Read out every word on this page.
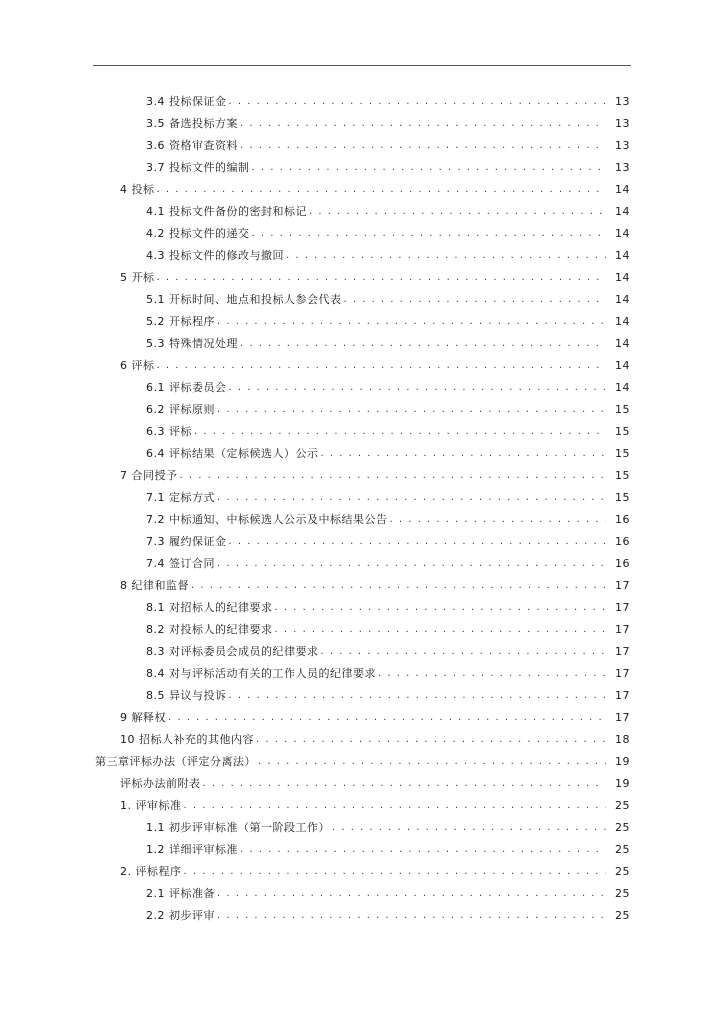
3.4 投标保证金 . . .	13
3.5 备选投标方案 . . .	13
3.6 资格审查资料 . . .	13
3.7 投标文件的编制 . . .	13
4 投标 . . .	14
4.1 投标文件备份的密封和标记 . . .	14
4.2 投标文件的递交 . . .	14
4.3 投标文件的修改与撤回 . . .	14
5 开标 . . .	14
5.1 开标时间、地点和投标人参会代表 . . .	14
5.2 开标程序 . . .	14
5.3 特殊情况处理 . . .	14
6 评标 . . .	14
6.1 评标委员会 . . .	14
6.2 评标原则 . . .	15
6.3 评标 . . .	15
6.4 评标结果（定标候选人）公示 . . .	15
7 合同授予 . . .	15
7.1 定标方式 . . .	15
7.2 中标通知、中标候选人公示及中标结果公告 . . .	16
7.3 履约保证金 . . .	16
7.4 签订合同 . . .	16
8 纪律和监督 . . .	17
8.1 对招标人的纪律要求 . . .	17
8.2 对投标人的纪律要求 . . .	17
8.3 对评标委员会成员的纪律要求 . . .	17
8.4 对与评标活动有关的工作人员的纪律要求 . . .	17
8.5 异议与投诉 . . .	17
9 解释权 . . .	17
10 招标人补充的其他内容 . . .	18
第三章评标办法（评定分离法） . . .	19
评标办法前附表 . . .	19
1. 评审标准 . . .	25
1.1 初步评审标准（第一阶段工作） . . .	25
1.2 详细评审标准 . . .	25
2. 评标程序 . . .	25
2.1 评标准备 . . .	25
2.2 初步评审 . . .	25
